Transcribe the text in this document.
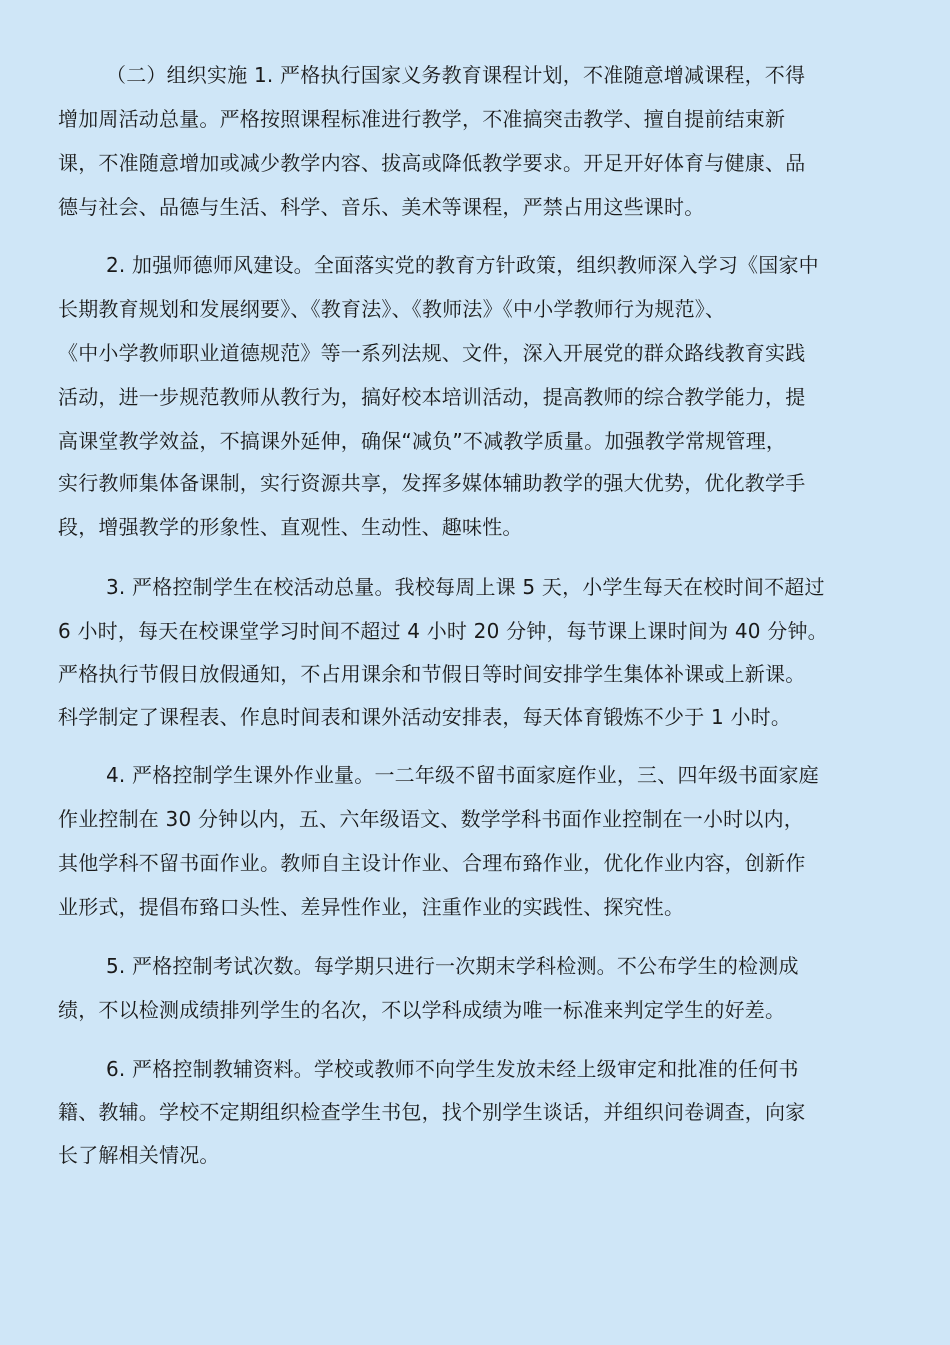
（二）组织实施 1. 严格执行国家义务教育课程计划，不准随意增减课程，不得
增加周活动总量。严格按照课程标准进行教学，不准搞突击教学、擅自提前结束新
课，不准随意增加或减少教学内容、拔高或降低教学要求。开足开好体育与健康、品
德与社会、品德与生活、科学、音乐、美术等课程，严禁占用这些课时。
2. 加强师德师风建设。全面落实党的教育方针政策，组织教师深入学习《国家中
长期教育规划和发展纲要》、《教育法》、《教师法》《中小学教师行为规范》、
《中小学教师职业道德规范》等一系列法规、文件，深入开展党的群众路线教育实践
活动，进一步规范教师从教行为，搞好校本培训活动，提高教师的综合教学能力，提
高课堂教学效益，不搞课外延伸，确保“减负”不减教学质量。加强教学常规管理，
实行教师集体备课制，实行资源共享，发挥多媒体辅助教学的强大优势，优化教学手
段，增强教学的形象性、直观性、生动性、趣味性。
3. 严格控制学生在校活动总量。我校每周上课 5 天，小学生每天在校时间不超过
6 小时，每天在校课堂学习时间不超过 4 小时 20 分钟，每节课上课时间为 40 分钟。
严格执行节假日放假通知，不占用课余和节假日等时间安排学生集体补课或上新课。
科学制定了课程表、作息时间表和课外活动安排表，每天体育锻炼不少于 1 小时。
4. 严格控制学生课外作业量。一二年级不留书面家庭作业，三、四年级书面家庭
作业控制在 30 分钟以内，五、六年级语文、数学学科书面作业控制在一小时以内，
其他学科不留书面作业。教师自主设计作业、合理布臵作业，优化作业内容，创新作
业形式，提倡布臵口头性、差异性作业，注重作业的实践性、探究性。
5. 严格控制考试次数。每学期只进行一次期末学科检测。不公布学生的检测成
绩，不以检测成绩排列学生的名次，不以学科成绩为唯一标准来判定学生的好差。
6. 严格控制教辅资料。学校或教师不向学生发放未经上级审定和批准的任何书
籍、教辅。学校不定期组织检查学生书包，找个别学生谈话，并组织问卷调查，向家
长了解相关情况。
